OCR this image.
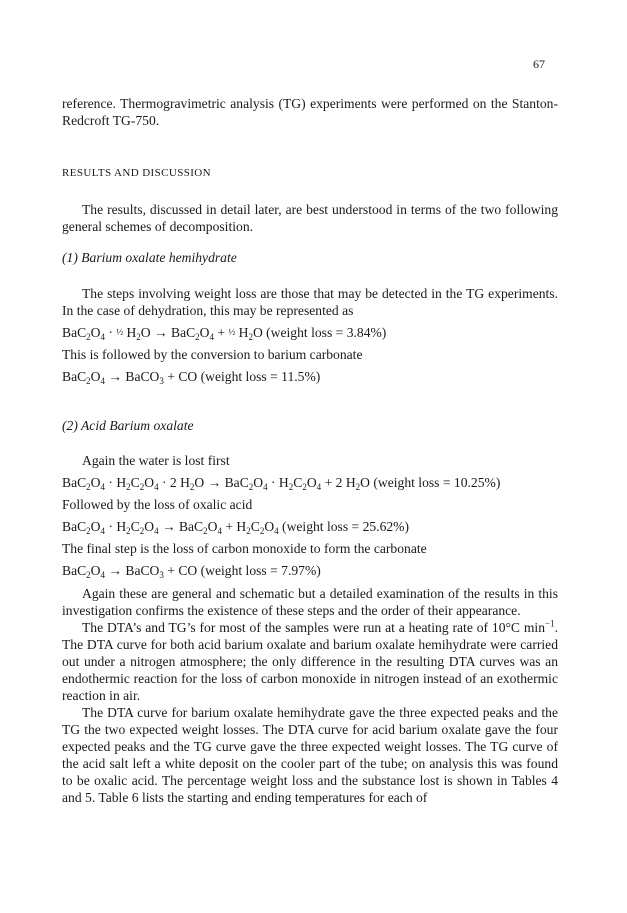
67

reference. Thermogravimetric analysis (TG) experiments were performed on the Stanton-Redcroft TG-750.

RESULTS AND DISCUSSION

The results, discussed in detail later, are best understood in terms of the two following general schemes of decomposition.

(1) Barium oxalate hemihydrate

The steps involving weight loss are those that may be detected in the TG experiments. In the case of dehydration, this may be represented as

$BaC_2O_4$ · ½ $H_2O \to BaC_2O_4$ + ½ $H_2O$ (weight loss = 3.84%)
This is followed by the conversion to barium carbonate
$BaC_2O_4$ → BaCO$_3$ + CO (weight loss = 11.5%)
(2) Acid Barium oxalate
Again the water is lost first
$BaC_2O_4 \cdot H_2C_2O_4 \cdot 2$ $H_2O \to BaC_2O_4 \cdot H_2C_2O_4 + 2$ $H_2O$ (weight loss = 10.25%)
Followed by the loss of oxalic acid
$BaC_2O_4 \cdot H_2C_2O_4 \to BaC_2O_4 + H_2C_2O_4$ (weight loss = 25.62%)
The final step is the loss of carbon monoxide to form the carbonate
$BaC_2O_4$ → BaCO$_3$ + CO (weight loss = 7.97%)

Again these are general and schematic but a detailed examination of the results in this investigation confirms the existence of these steps and the order of their appearance.

The DTA’s and TG’s for most of the samples were run at a heating rate of 10°C $\min^{-1}$. The DTA curve for both acid barium oxalate and barium oxalate hemihydrate were carried out under a nitrogen atmosphere; the only difference in the resulting DTA curves was an endothermic reaction for the loss of carbon monoxide in nitrogen instead of an exothermic reaction in air.

The DTA curve for barium oxalate hemihydrate gave the three expected peaks and the TG the two expected weight losses. The DTA curve for acid barium oxalate gave the four expected peaks and the TG curve gave the three expected weight losses. The TG curve of the acid salt left a white deposit on the cooler part of the tube; on analysis this was found to be oxalic acid. The percentage weight loss and the substance lost is shown in Tables 4 and 5. Table 6 lists the starting and ending temperatures for each of
